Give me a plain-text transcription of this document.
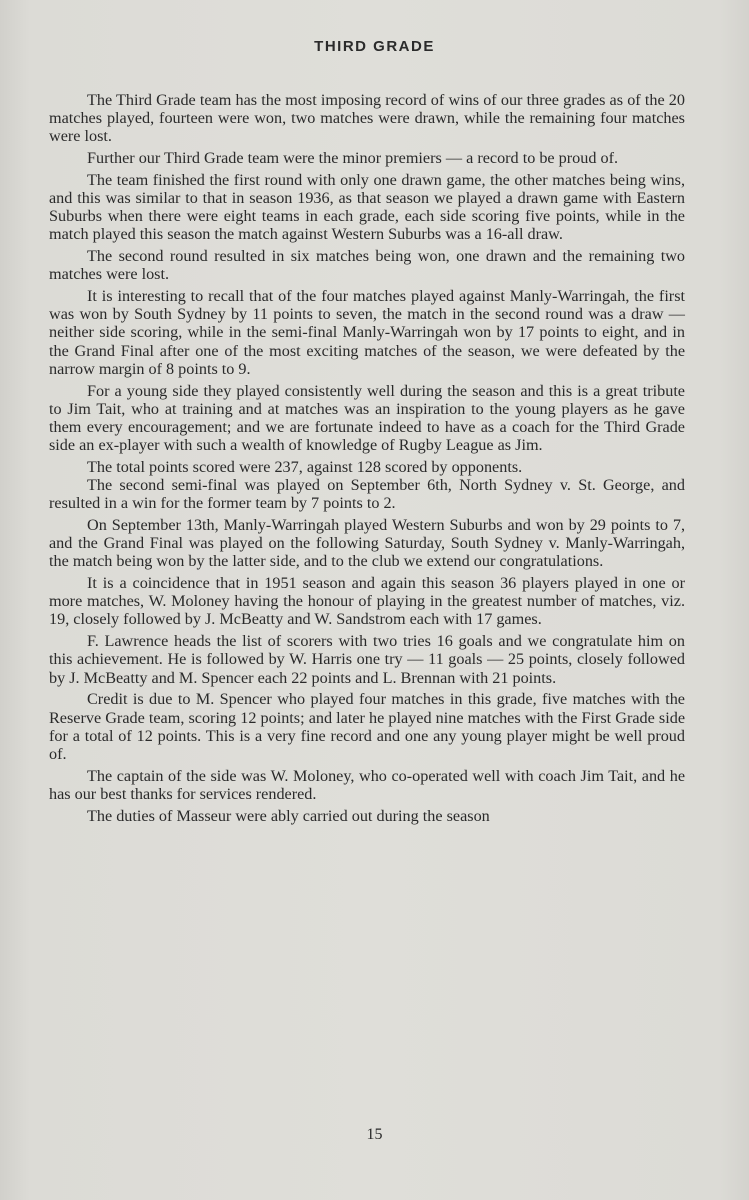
THIRD GRADE

The Third Grade team has the most imposing record of wins of our three grades as of the 20 matches played, fourteen were won, two matches were drawn, while the remaining four matches were lost.

Further our Third Grade team were the minor premiers — a record to be proud of.

The team finished the first round with only one drawn game, the other matches being wins, and this was similar to that in season 1936, as that season we played a drawn game with Eastern Suburbs when there were eight teams in each grade, each side scoring five points, while in the match played this season the match against Western Suburbs was a 16-all draw.

The second round resulted in six matches being won, one drawn and the remaining two matches were lost.

It is interesting to recall that of the four matches played against Manly-Warringah, the first was won by South Sydney by 11 points to seven, the match in the second round was a draw — neither side scoring, while in the semi-final Manly-Warringah won by 17 points to eight, and in the Grand Final after one of the most exciting matches of the season, we were defeated by the narrow margin of 8 points to 9.

For a young side they played consistently well during the season and this is a great tribute to Jim Tait, who at training and at matches was an inspiration to the young players as he gave them every encouragement; and we are fortunate indeed to have as a coach for the Third Grade side an ex-player with such a wealth of knowledge of Rugby League as Jim.

The total points scored were 237, against 128 scored by opponents.

The second semi-final was played on September 6th, North Sydney v. St. George, and resulted in a win for the former team by 7 points to 2.

On September 13th, Manly-Warringah played Western Suburbs and won by 29 points to 7, and the Grand Final was played on the following Saturday, South Sydney v. Manly-Warringah, the match being won by the latter side, and to the club we extend our congratulations.

It is a coincidence that in 1951 season and again this season 36 players played in one or more matches, W. Moloney having the honour of playing in the greatest number of matches, viz. 19, closely followed by J. McBeatty and W. Sandstrom each with 17 games.

F. Lawrence heads the list of scorers with two tries 16 goals and we congratulate him on this achievement. He is followed by W. Harris one try — 11 goals — 25 points, closely followed by J. McBeatty and M. Spencer each 22 points and L. Brennan with 21 points.

Credit is due to M. Spencer who played four matches in this grade, five matches with the Reserve Grade team, scoring 12 points; and later he played nine matches with the First Grade side for a total of 12 points. This is a very fine record and one any young player might be well proud of.

The captain of the side was W. Moloney, who co-operated well with coach Jim Tait, and he has our best thanks for services rendered.

The duties of Masseur were ably carried out during the season

15
